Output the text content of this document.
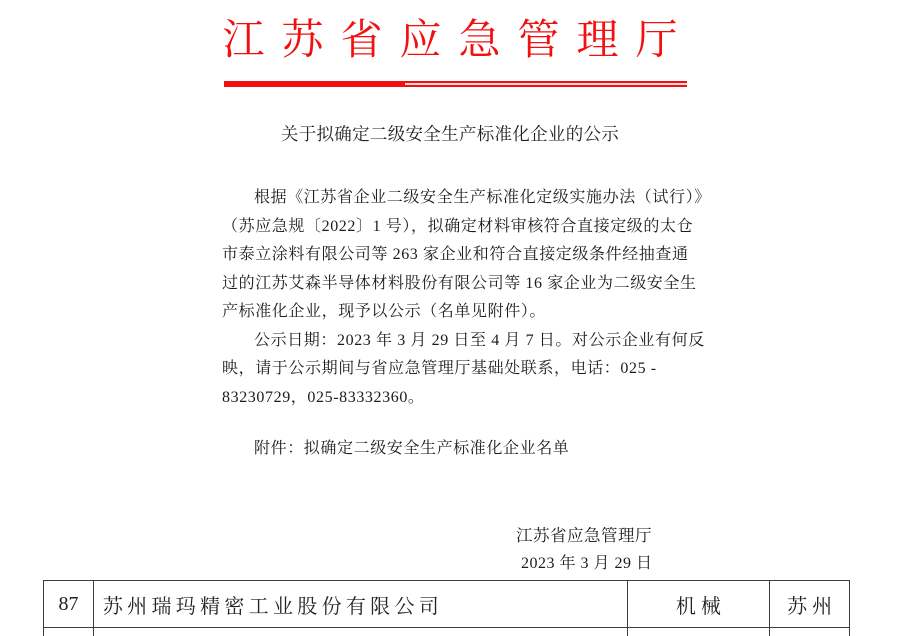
江苏省应急管理厅
关于拟确定二级安全生产标准化企业的公示
根据《江苏省企业二级安全生产标准化定级实施办法（试行）》
（苏应急规〔2022〕1 号），拟确定材料审核符合直接定级的太仓
市泰立涂料有限公司等 263 家企业和符合直接定级条件经抽查通
过的江苏艾森半导体材料股份有限公司等 16 家企业为二级安全生
产标准化企业，现予以公示（名单见附件）。
公示日期：2023 年 3 月 29 日至 4 月 7 日。对公示企业有何反
映，请于公示期间与省应急管理厅基础处联系，电话：025 -
83230729，025-83332360。
附件：拟确定二级安全生产标准化企业名单
江苏省应急管理厅
2023 年 3 月 29 日
87	苏州瑞玛精密工业股份有限公司	机械	苏州
